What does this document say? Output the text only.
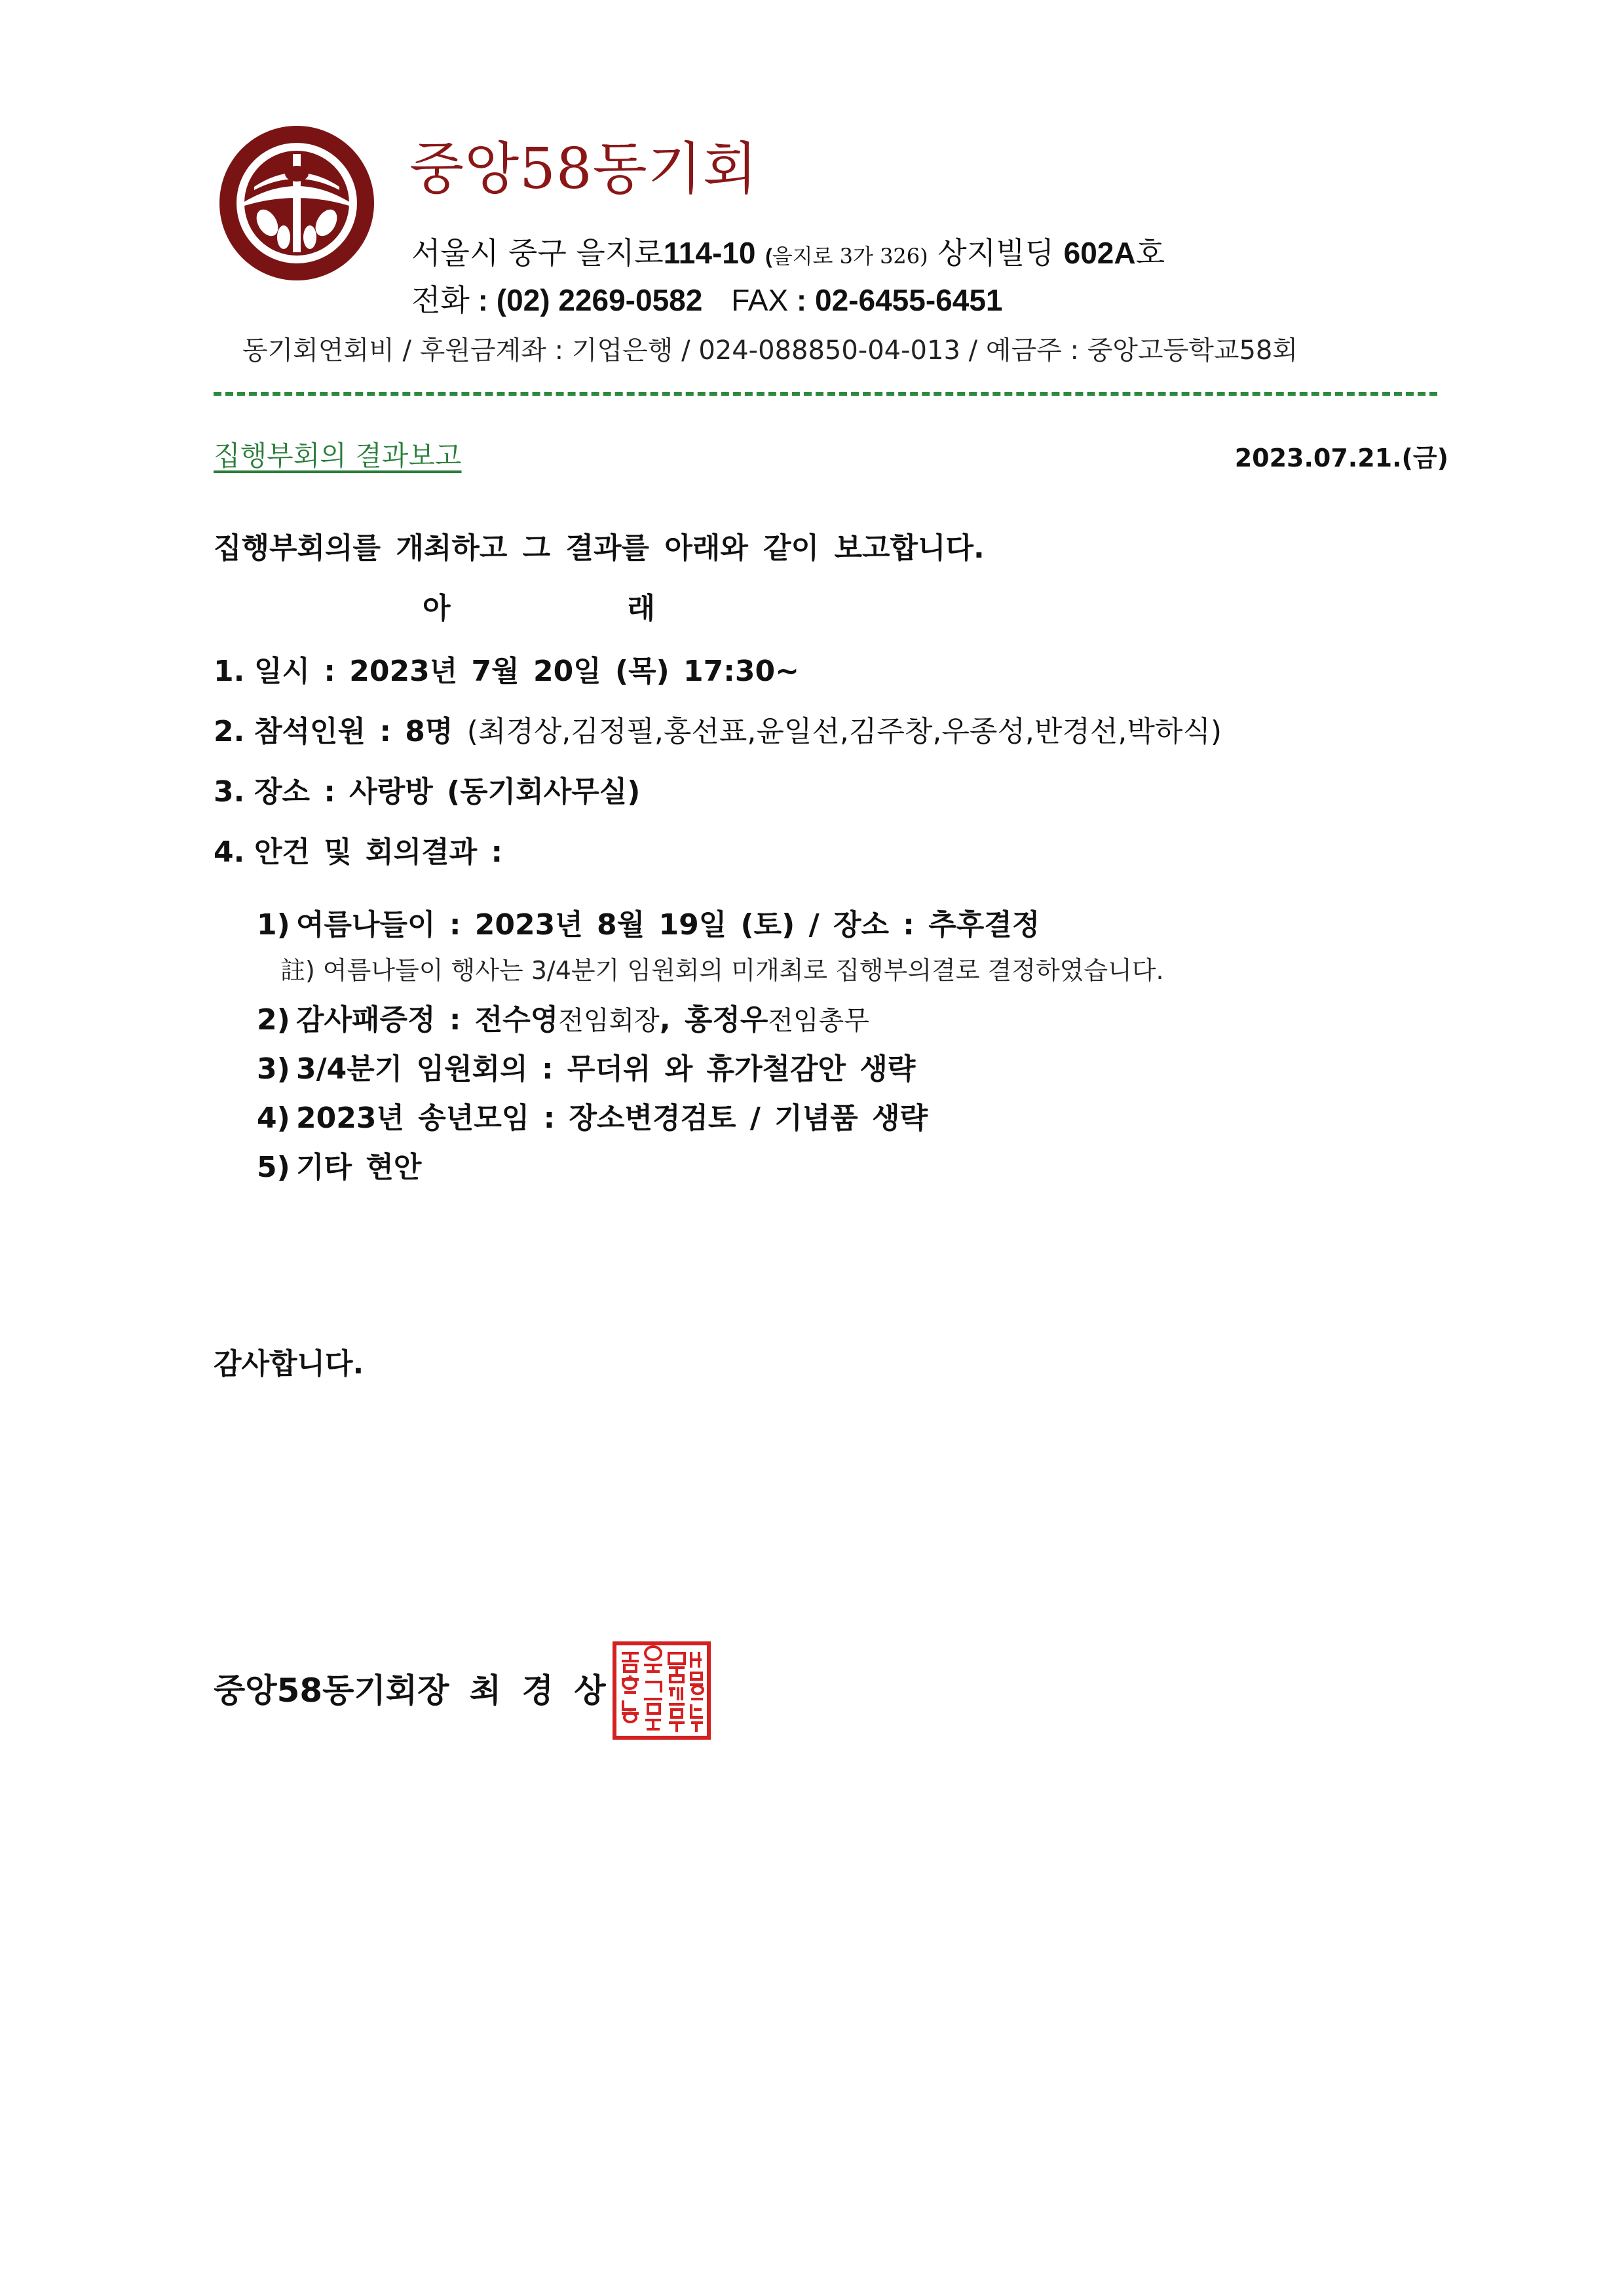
중앙58동기회
서울시 중구 을지로114-10 (을지로 3가 326) 상지빌딩 602A호
전화 : (02) 2269-0582 FAX : 02-6455-6451
동기회연회비 / 후원금계좌 : 기업은행 / 024-088850-04-013 / 예금주 : 중앙고등학교58회
집행부회의 결과보고	2023.07.21.(금)
집행부회의를 개최하고 그 결과를 아래와 같이 보고합니다.
아	래
1. 일시 : 2023년 7월 20일 (목) 17:30~
2. 참석인원 : 8명 (최경상,김정필,홍선표,윤일선,김주창,우종성,반경선,박하식)
3. 장소 : 사랑방 (동기회사무실)
4. 안건 및 회의결과 :
1) 여름나들이 : 2023년 8월 19일 (토) / 장소 : 추후결정
註) 여름나들이 행사는 3/4분기 임원회의 미개최로 집행부의결로 결정하였습니다.
2) 감사패증정 : 전수영전임회장, 홍정우전임총무
3) 3/4분기 임원회의 : 무더위 와 휴가철감안 생략
4) 2023년 송년모임 : 장소변경검토 / 기념품 생략
5) 기타 현안
감사합니다.
중앙58동기회장 최 경 상
